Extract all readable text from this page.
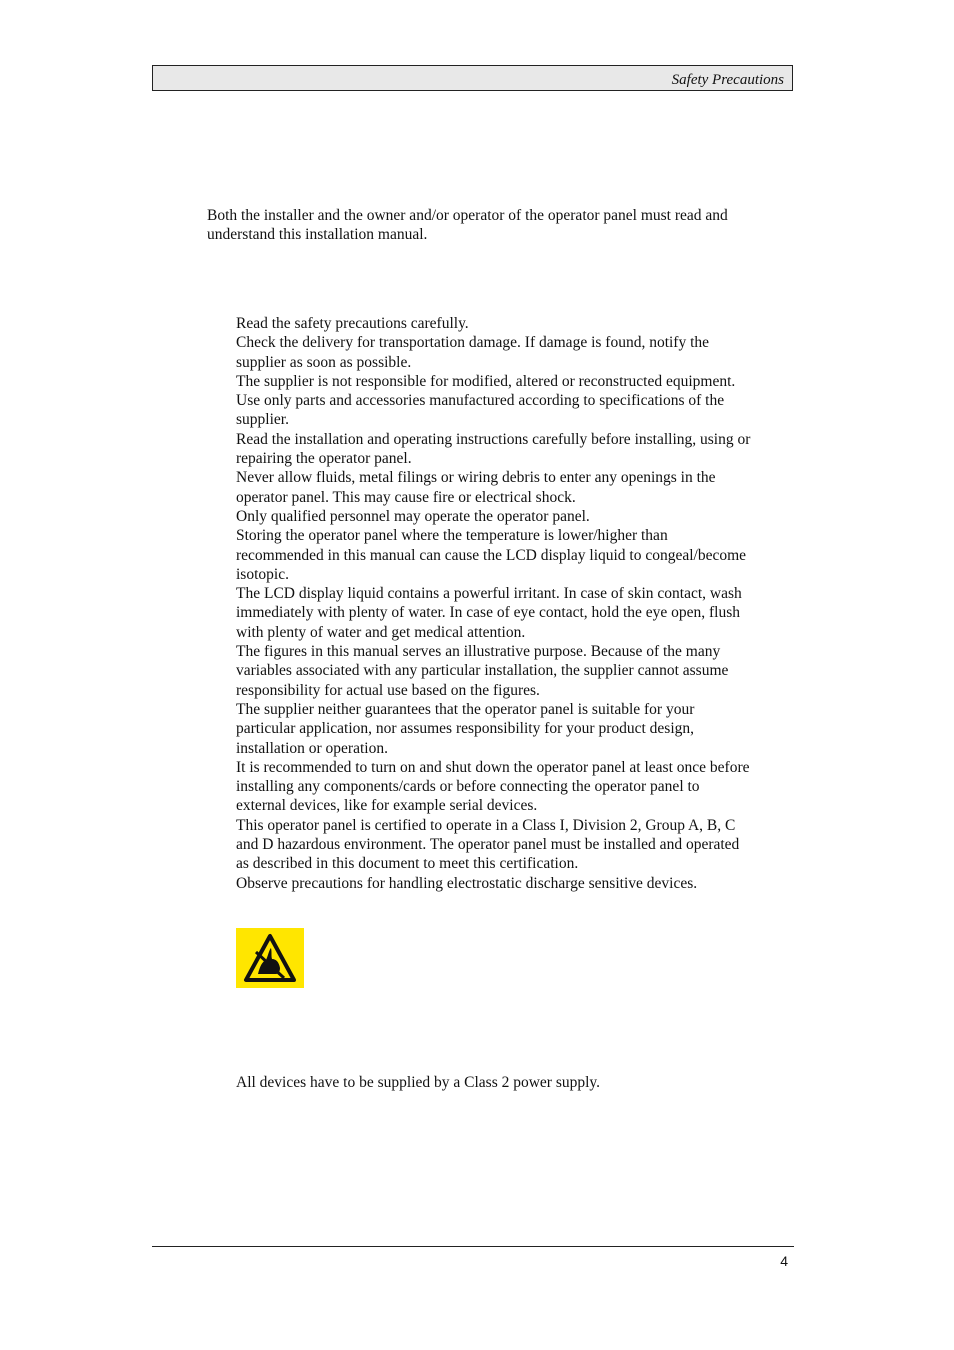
Safety Precautions

Both the installer and the owner and/or operator of the operator panel must read and understand this installation manual.

Read the safety precautions carefully.
Check the delivery for transportation damage. If damage is found, notify the supplier as soon as possible.
The supplier is not responsible for modified, altered or reconstructed equipment.
Use only parts and accessories manufactured according to specifications of the supplier.
Read the installation and operating instructions carefully before installing, using or repairing the operator panel.
Never allow fluids, metal filings or wiring debris to enter any openings in the operator panel. This may cause fire or electrical shock.
Only qualified personnel may operate the operator panel.
Storing the operator panel where the temperature is lower/higher than recommended in this manual can cause the LCD display liquid to congeal/become isotopic.
The LCD display liquid contains a powerful irritant. In case of skin contact, wash immediately with plenty of water. In case of eye contact, hold the eye open, flush with plenty of water and get medical attention.
The figures in this manual serves an illustrative purpose. Because of the many variables associated with any particular installation, the supplier cannot assume responsibility for actual use based on the figures.
The supplier neither guarantees that the operator panel is suitable for your particular application, nor assumes responsibility for your product design, installation or operation.
It is recommended to turn on and shut down the operator panel at least once before installing any components/cards or before connecting the operator panel to external devices, like for example serial devices.
This operator panel is certified to operate in a Class I, Division 2, Group A, B, C and D hazardous environment. The operator panel must be installed and operated as described in this document to meet this certification.
Observe precautions for handling electrostatic discharge sensitive devices.

All devices have to be supplied by a Class 2 power supply.

4
